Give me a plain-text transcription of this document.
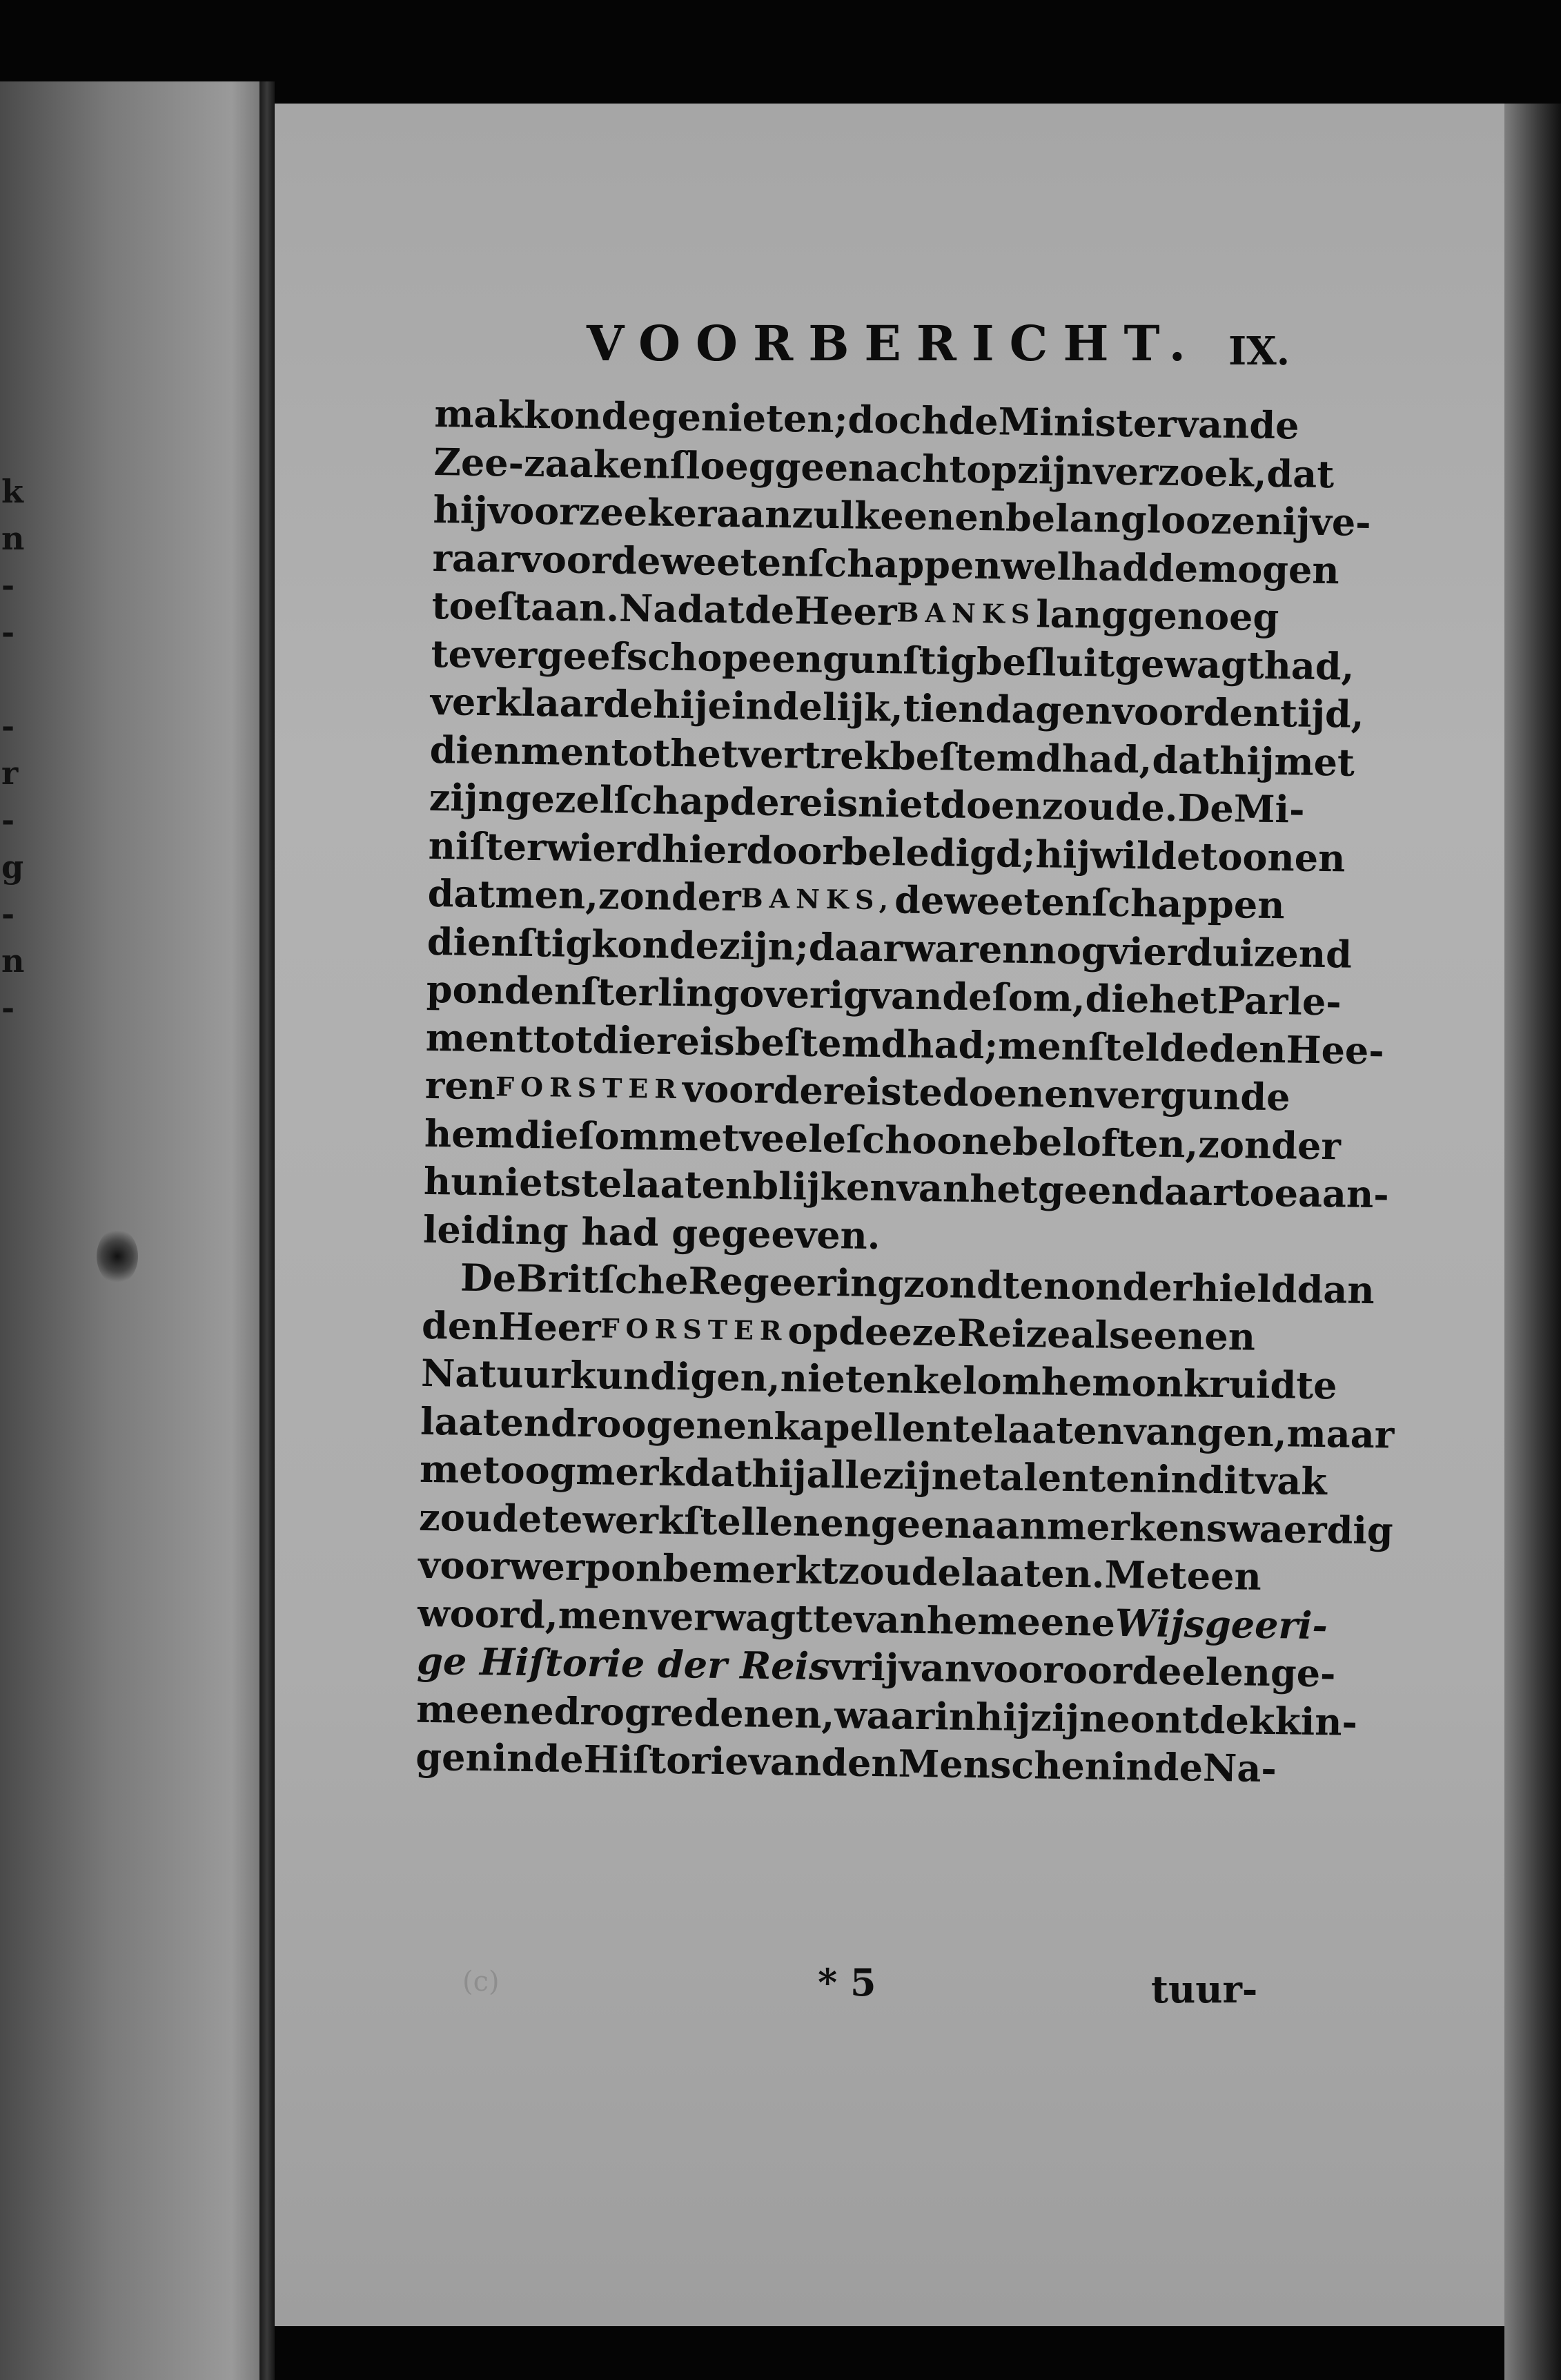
k
n
-
-

-
r
-
g
-
n
-

VOORBERICHT. IX.
mak konde genieten; doch de Minister van de
Zee-zaaken ſloeg geen acht op zijn verzoek, dat
hij voorzeeker aan zulk eenen belangloozen ijve-
raar voor de weetenſchappen wel hadde mogen
toeſtaan. Na dat de Heer BANKS lang genoeg
te vergeefsch op een gunſtig beſluit gewagt had,
verklaarde hij eindelijk, tien dagen voor den tijd,
dien men tot het vertrek beſtemd had, dat hij met
zijn gezelſchap de reis niet doen zoude. De Mi-
niſter wierd hier door beledigd; hij wilde toonen
dat men, zonder BANKS, de weetenſchappen
dienſtig konde zijn; daar waren nog vier duizend
ponden ſterling overig van de ſom, die het Parle-
ment tot die reis beſtemd had; men ſtelde den Hee-
ren FORSTER voor de reis te doen en vergunde
hem die ſom met veele ſchoone beloften, zonder
hun iets te laaten blijken van hetgeen daartoe aan-
leiding had gegeeven.
De Britſche Regeering zondt en onderhield dan
den Heer FORSTER op deeze Reize als eenen
Natuurkundigen, niet enkel om hem onkruid te
laaten droogen en kapellen te laaten vangen, maar
met oogmerk dat hij alle zijne talenten in dit vak
zoude te werk ſtellen en geen aanmerkenswaerdig
voorwerp onbemerkt zoude laaten. Met een
woord, men verwagtte van hem eene Wijsgeeri-
ge Hiſtorie der Reis vrij van vooroordeel en ge-
meene drogredenen, waarin hij zijne ontdekkin-
gen in de Hiſtorie van den Mensch en in de Na-
(c)	* 5	tuur-
